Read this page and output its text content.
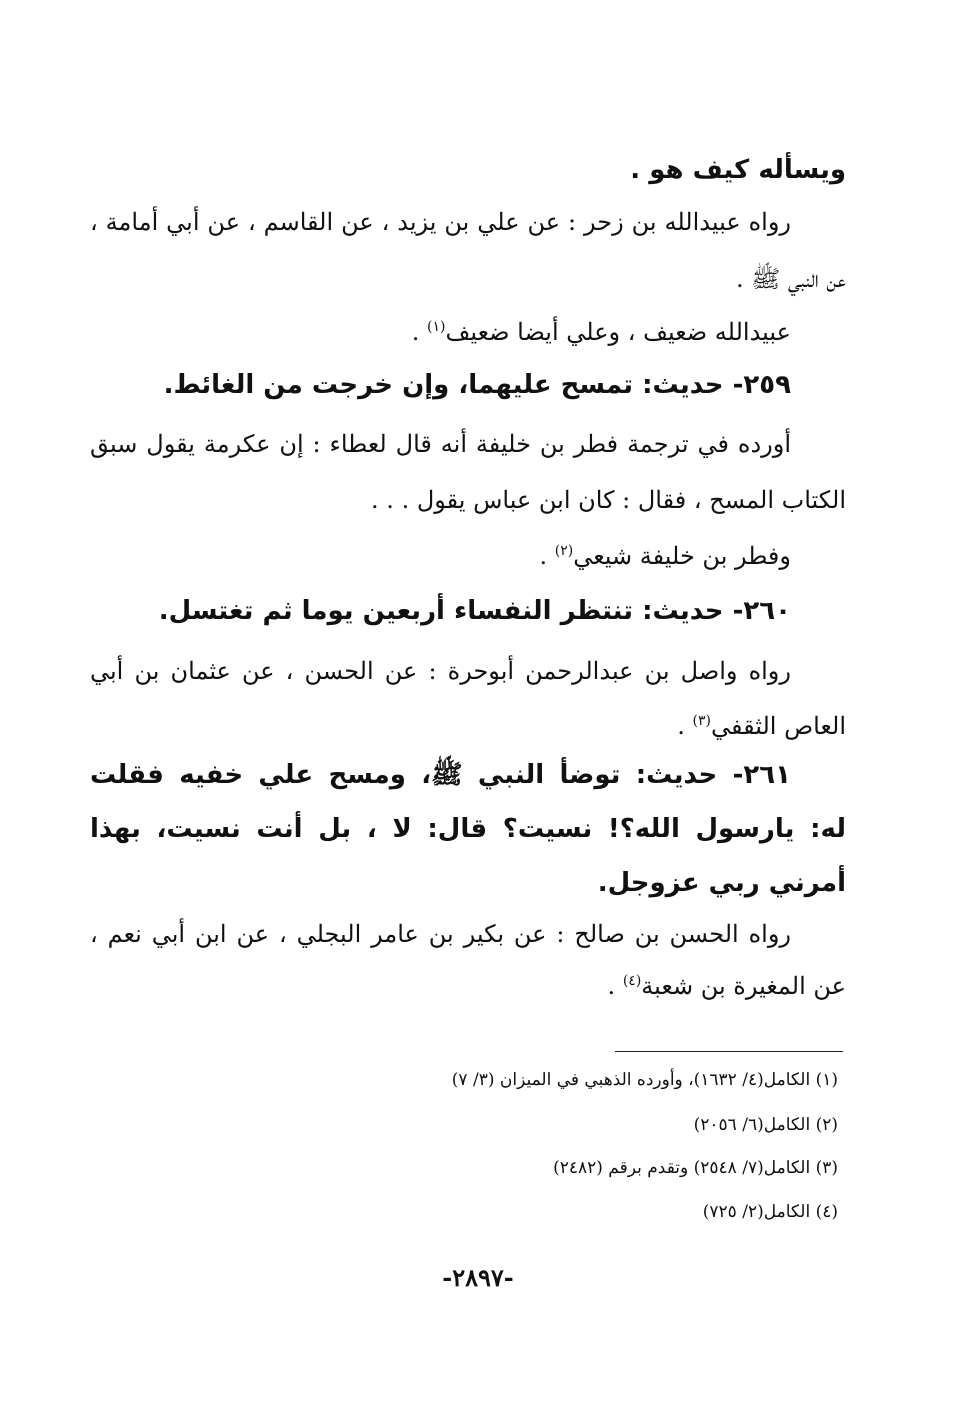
ويسأله كيف هو .
رواه عبيدالله بن زحر : عن علي بن يزيد ، عن القاسم ، عن أبي أمامة ،
عن النبي ﷺ .
عبيدالله ضعيف ، وعلي أيضا ضعيف$^{(١)}$ .
٢٥٩- حديث: تمسح عليهما، وإن خرجت من الغائط.
أورده في ترجمة فطر بن خليفة أنه قال لعطاء : إن عكرمة يقول سبق
الكتاب المسح ، فقال : كان ابن عباس يقول . . .
وفطر بن خليفة شيعي$^{(٢)}$ .
٢٦٠- حديث: تنتظر النفساء أربعين يوما ثم تغتسل.
رواه واصل بن عبدالرحمن أبوحرة : عن الحسن ، عن عثمان بن أبي
العاص الثقفي$^{(٣)}$ .
٢٦١- حديث: توضأ النبي ﷺ، ومسح علي خفيه فقلت
له: يارسول الله؟! نسيت؟ قال: لا ، بل أنت نسيت، بهذا
أمرني ربي عزوجل.
رواه الحسن بن صالح : عن بكير بن عامر البجلي ، عن ابن أبي نعم ،
عن المغيرة بن شعبة$^{(٤)}$ .
(١) الكامل(٤/ ١٦٣٢)، وأورده الذهبي في الميزان (٣/ ٧)
(٢) الكامل(٦/ ٢٠٥٦)
(٣) الكامل(٧/ ٢٥٤٨) وتقدم برقم (٢٤٨٢)
(٤) الكامل(٢/ ٧٢٥)
-٢٨٩٧-
